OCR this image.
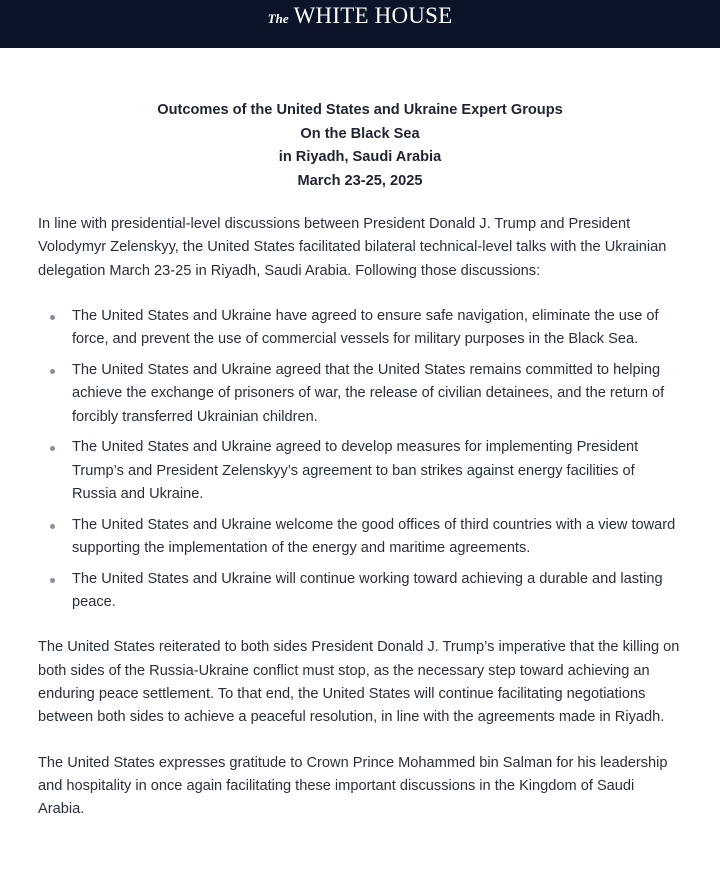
The WHITE HOUSE
Outcomes of the United States and Ukraine Expert Groups
On the Black Sea
in Riyadh, Saudi Arabia
March 23-25, 2025

In line with presidential-level discussions between President Donald J. Trump and President Volodymyr Zelenskyy, the United States facilitated bilateral technical-level talks with the Ukrainian delegation March 23-25 in Riyadh, Saudi Arabia. Following those discussions:

The United States and Ukraine have agreed to ensure safe navigation, eliminate the use of force, and prevent the use of commercial vessels for military purposes in the Black Sea.
The United States and Ukraine agreed that the United States remains committed to helping achieve the exchange of prisoners of war, the release of civilian detainees, and the return of forcibly transferred Ukrainian children.
The United States and Ukraine agreed to develop measures for implementing President Trump’s and President Zelenskyy’s agreement to ban strikes against energy facilities of Russia and Ukraine.
The United States and Ukraine welcome the good offices of third countries with a view toward supporting the implementation of the energy and maritime agreements.
The United States and Ukraine will continue working toward achieving a durable and lasting peace.

The United States reiterated to both sides President Donald J. Trump’s imperative that the killing on both sides of the Russia-Ukraine conflict must stop, as the necessary step toward achieving an enduring peace settlement. To that end, the United States will continue facilitating negotiations between both sides to achieve a peaceful resolution, in line with the agreements made in Riyadh.

The United States expresses gratitude to Crown Prince Mohammed bin Salman for his leadership and hospitality in once again facilitating these important discussions in the Kingdom of Saudi Arabia.
